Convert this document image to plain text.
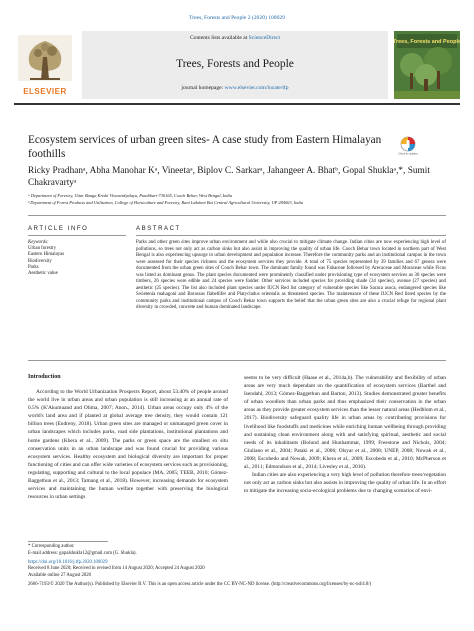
Trees, Forests and People 2 (2020) 100029
ELSEVIER
Contents lists available at ScienceDirect
Trees, Forests and People
journal homepage: www.elsevier.com/locate/tfp
Trees, Forests and People
Ecosystem services of urban green sites- A case study from Eastern Himalayan foothills	Check for updates
Ricky Pradhanᵃ, Abha Manohar Kᵃ, Vineetaᵃ, Biplov C. Sarkarᵃ, Jahangeer A. Bhatᵇ, Gopal Shuklaᵃ,*, Sumit Chakravartyᵃ
ᵃ Department of Forestry, Uttar Banga Krishi Viswavidyalaya, Pundibari-736165, Cooch Behar, West Bengal, India
ᵇ Department of Forest Products and Utilization, College of Horticulture and Forestry, Rani Lakshmi Bai Central Agricultural University, UP 284003, India
ARTICLE INFO	ABSTRACT
Keywords:
Urban forestry
Eastern Himalayas
Biodiversity
Parks
Aesthetic value
Parks and other green sites improve urban environment and while also crucial to mitigate climate change. Indian cities are now experiencing high level of pollutions, so trees not only act as carbon sinks but also assist in improving the quality of urban life. Cooch Behar town located in northern part of West Bengal is also experiencing upsurge in urban development and population increase. Therefore the community parks and an institutional campus in the town were assessed for their species richness and the ecosystem services they provide. A total of 75 species represented by 39 families and 67 genera were documented from the urban green sites of Cooch Behar town. The dominant family found was Fabaceae followed by Arecaceae and Moraceae while Ficus was listed as dominant genus. The plant species documented were prominently classified under provisioning type of ecosystem services as 36 species were timbers, 26 species were edible and 24 species were fodder. Other services included species for providing shade (34 species), avenue (27 species) and aesthetic (25 species). The list also included plant species under IUCN Red list category of vulnerable species like Saraca asoca, endangered species like Swietenia mahagoni and Borassus flabellifer and Platycladus orientalis as threatened species. The maintenance of these IUCN Red listed species by the community parks and institutional campus of Cooch Behar town supports the belief that the urban green sites are also a crucial refuge for regional plant diversity in crowded, concrete and human dominated landscape.
Introduction
According to the World Urbanization Prospects Report, about 53.40% of people around the world live in urban areas and urban population is still increasing at an annual rate of 0.5% (K'Akumuand and Olima, 2007; Anon., 2014). Urban areas occupy only 4% of the world's land area and if planted at global average tree density, they would contain 121 billion trees (Endreny, 2018). Urban green sites are managed or unmanaged green cover in urban landscapes which includes parks, road side plantations, institutional plantations and home gardens (Khera et al., 2009). The parks or green space are the smallest ex situ conservation units in an urban landscape and was found crucial for providing various ecosystem services. Healthy ecosystem and biological diversity are important for proper functioning of cities and can offer wide varieties of ecosystem services such as provisioning, regulating, supporting and cultural to the local populace (MA, 2005; TEEB, 2010; Gómez-Baggethun et al., 2013; Tamang et al., 2018). However, increasing demands for ecosystem services and maintaining the human welfare together with preserving the biological resources in urban settings
seems to be very difficult (Haase et al., 2014a,b). The vulnerability and flexibility of urban areas are very much dependant on the quantification of ecosystem services (Barthel and Isendahl, 2013; Gómez-Baggethun and Barton, 2013). Studies demonstrated greater benefits of urban woodlots than urban parks and thus emphasized their conservation in the urban areas as they provide greater ecosystem services than the lesser natural areas (Hedblom et al., 2017). Biodiversity safeguard quality life in urban areas by contributing provisions for livelihood like foodstuffs and medicines while enriching human wellbeing through providing and sustaining clean environment along with and satisfying spiritual, aesthetic and social needs of its inhabitants (Bolund and Hunhammar, 1999; Freestone and Nichols, 2004; Giuliano et al., 2004; Pataki et al., 2006; Olsyar et al., 2008; UNEP, 2008; Nowak et al., 2008; Escobedo and Nowak, 2009; Khera et al., 2009; Escobedo et al., 2010; McPherson et al., 2011; Edmondson et al., 2014; Livesley et al., 2016).
Indian cities are also experiencing a very high level of pollution therefore trees/vegetation not only act as carbon sinks but also assists in improving the quality of urban life. In an effort to mitigate the increasing socio-ecological problems due to changing scenarios of envi-
* Corresponding author.
E-mail address: gopalshukla12@gmail.com (G. Shukla).
https://doi.org/10.1016/j.tfp.2020.100029
Received 8 June 2020; Received in revised form 14 August 2020; Accepted 24 August 2020
Available online 27 August 2020
2666-7193/© 2020 The Author(s). Published by Elsevier B.V. This is an open access article under the CC BY-NC-ND license. (http://creativecommons.org/licenses/by-nc-nd/4.0/)
